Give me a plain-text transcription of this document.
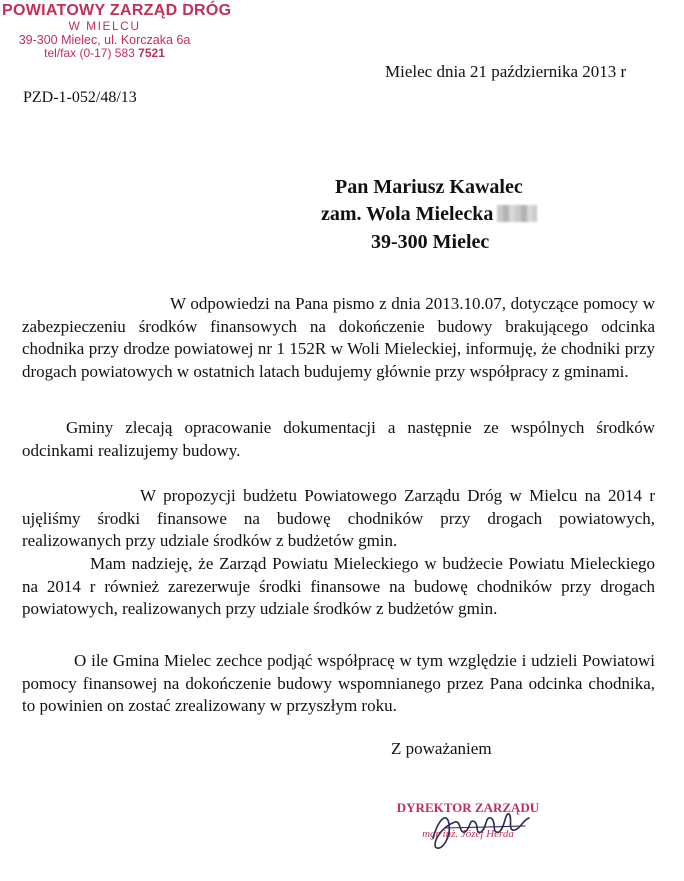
POWIATOWY ZARZĄD DRÓG
W MIELCU
39-300 Mielec, ul. Korczaka 6a
tel/fax (0-17) 583 7521
Mielec dnia 21 października 2013 r
PZD-1-052/48/13
Pan Mariusz Kawalec
zam. Wola Mielecka
39-300 Mielec

W odpowiedzi na Pana pismo z dnia 2013.10.07, dotyczące pomocy w zabezpieczeniu środków finansowych na dokończenie budowy brakującego odcinka chodnika przy drodze powiatowej nr 1 152R w Woli Mieleckiej, informuję, że chodniki przy drogach powiatowych w ostatnich latach budujemy głównie przy współpracy z gminami.

Gminy zlecają opracowanie dokumentacji a następnie ze wspólnych środków odcinkami realizujemy budowy.

W propozycji budżetu Powiatowego Zarządu Dróg w Mielcu na 2014 r ujęliśmy środki finansowe na budowę chodników przy drogach powiatowych, realizowanych przy udziale środków z budżetów gmin.

Mam nadzieję, że Zarząd Powiatu Mieleckiego w budżecie Powiatu Mieleckiego na 2014 r również zarezerwuje środki finansowe na budowę chodników przy drogach powiatowych, realizowanych przy udziale środków z budżetów gmin.

O ile Gmina Mielec zechce podjąć współpracę w tym względzie i udzieli Powiatowi pomocy finansowej na dokończenie budowy wspomnianego przez Pana odcinka chodnika, to powinien on zostać zrealizowany w przyszłym roku.

Z poważaniem
DYREKTOR ZARZĄDU
mgr inż. Józef Herda
